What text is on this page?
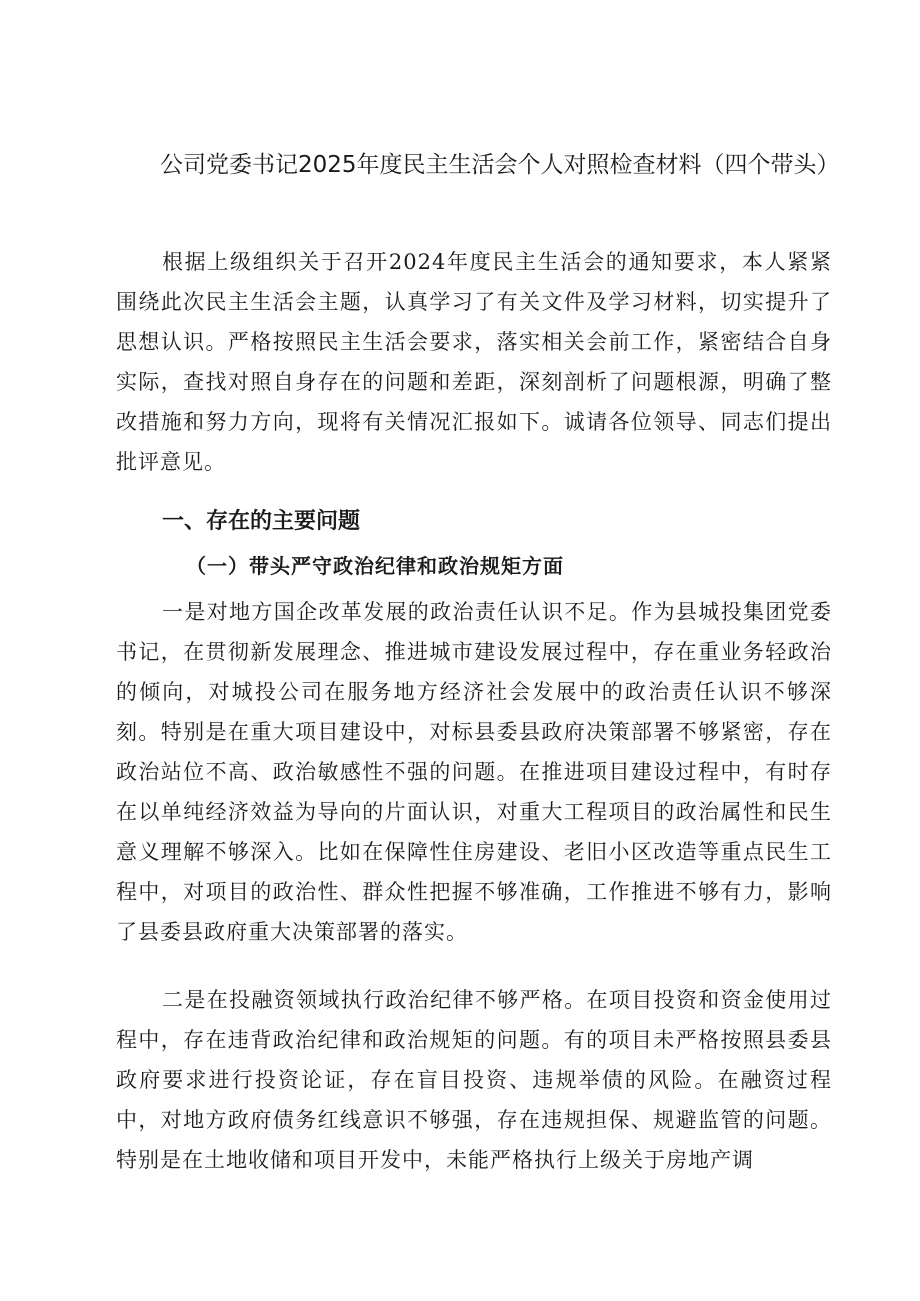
公司党委书记2025年度民主生活会个人对照检查材料（四个带头）

根据上级组织关于召开2024年度民主生活会的通知要求，本人紧紧围绕此次民主生活会主题，认真学习了有关文件及学习材料，切实提升了思想认识。严格按照民主生活会要求，落实相关会前工作，紧密结合自身实际，查找对照自身存在的问题和差距，深刻剖析了问题根源，明确了整改措施和努力方向，现将有关情况汇报如下。诚请各位领导、同志们提出批评意见。

一、存在的主要问题
（一）带头严守政治纪律和政治规矩方面

一是对地方国企改革发展的政治责任认识不足。作为县城投集团党委书记，在贯彻新发展理念、推进城市建设发展过程中，存在重业务轻政治的倾向，对城投公司在服务地方经济社会发展中的政治责任认识不够深刻。特别是在重大项目建设中，对标县委县政府决策部署不够紧密，存在政治站位不高、政治敏感性不强的问题。在推进项目建设过程中，有时存在以单纯经济效益为导向的片面认识，对重大工程项目的政治属性和民生意义理解不够深入。比如在保障性住房建设、老旧小区改造等重点民生工程中，对项目的政治性、群众性把握不够准确，工作推进不够有力，影响了县委县政府重大决策部署的落实。

二是在投融资领域执行政治纪律不够严格。在项目投资和资金使用过程中，存在违背政治纪律和政治规矩的问题。有的项目未严格按照县委县政府要求进行投资论证，存在盲目投资、违规举债的风险。在融资过程中，对地方政府债务红线意识不够强，存在违规担保、规避监管的问题。特别是在土地收储和项目开发中，未能严格执行上级关于房地产调
